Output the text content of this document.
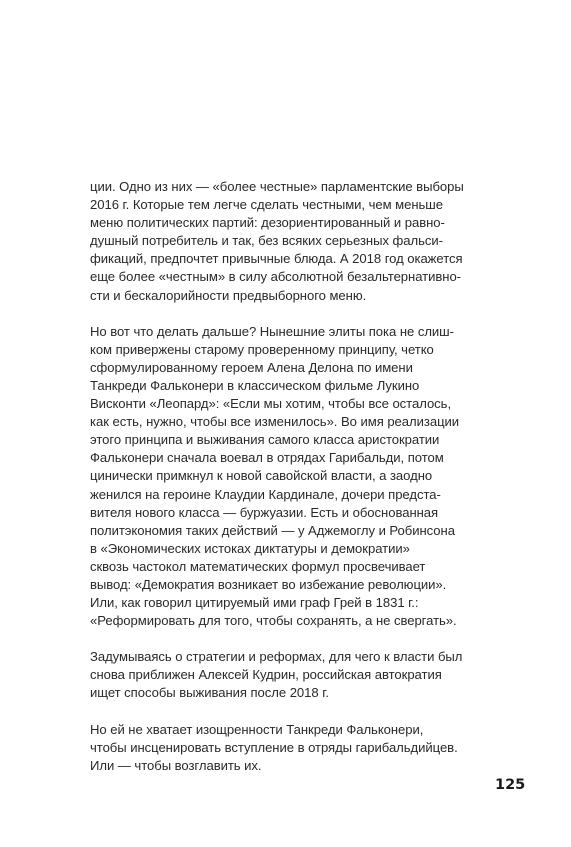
ции. Одно из них — «более честные» парламентские выборы
2016 г. Которые тем легче сделать честными, чем меньше
меню политических партий: дезориентированный и равно-
душный потребитель и так, без всяких серьезных фальси-
фикаций, предпочтет привычные блюда. А 2018 год окажется
еще более «честным» в силу абсолютной безальтернативно-
сти и бескалорийности предвыборного меню.

Но вот что делать дальше? Нынешние элиты пока не слиш-
ком привержены старому проверенному принципу, четко
сформулированному героем Алена Делона по имени
Танкреди Фальконери в классическом фильме Лукино
Висконти «Леопард»: «Если мы хотим, чтобы все осталось,
как есть, нужно, чтобы все изменилось». Во имя реализации
этого принципа и выживания самого класса аристократии
Фальконери сначала воевал в отрядах Гарибальди, потом
цинически примкнул к новой савойской власти, а заодно
женился на героине Клаудии Кардинале, дочери предста-
вителя нового класса — буржуазии. Есть и обоснованная
политэкономия таких действий — у Аджемоглу и Робинсона
в «Экономических истоках диктатуры и демократии»
сквозь частокол математических формул просвечивает
вывод: «Демократия возникает во избежание революции».
Или, как говорил цитируемый ими граф Грей в 1831 г.:
«Реформировать для того, чтобы сохранять, а не свергать».

Задумываясь о стратегии и реформах, для чего к власти был
снова приближен Алексей Кудрин, российская автократия
ищет способы выживания после 2018 г.

Но ей не хватает изощренности Танкреди Фальконери,
чтобы инсценировать вступление в отряды гарибальдийцев.
Или — чтобы возглавить их.

125
